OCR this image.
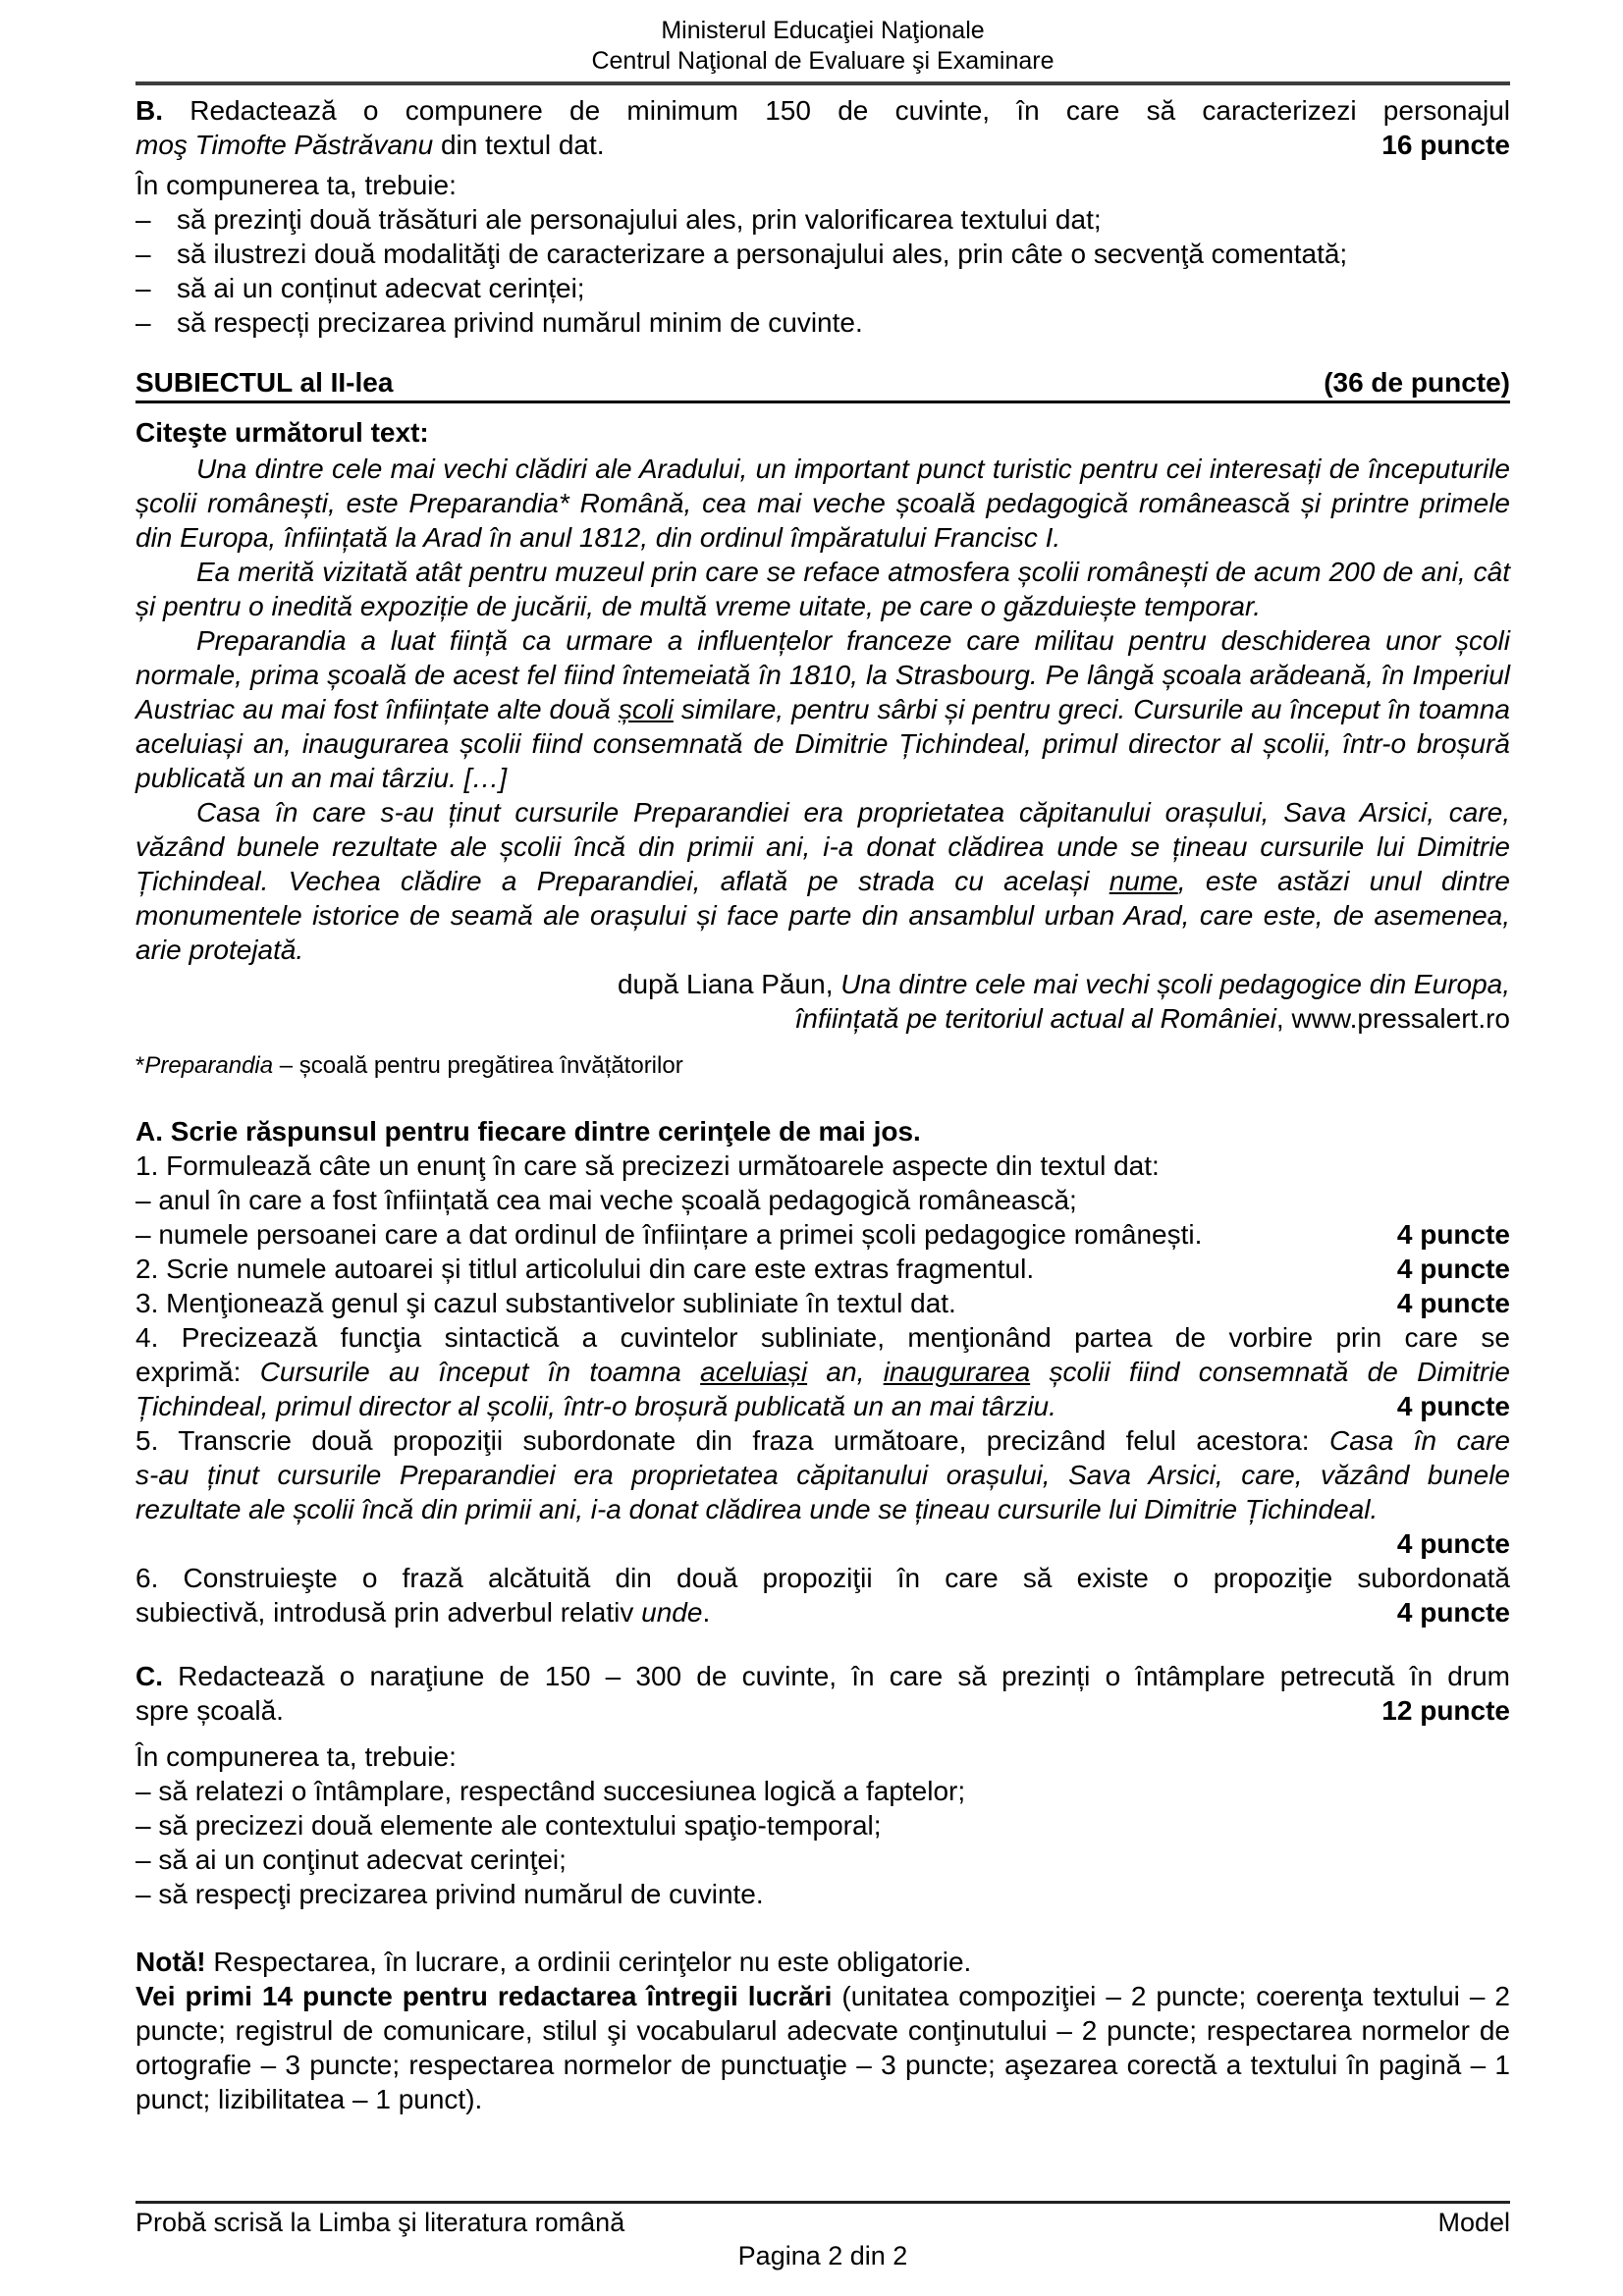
Ministerul Educaţiei Naţionale
Centrul Naţional de Evaluare şi Examinare
B. Redactează o compunere de minimum 150 de cuvinte, în care să caracterizezi personajul
moş Timofte Păstrăvanu din textul dat.	16 puncte
În compunerea ta, trebuie:
– să prezinţi două trăsături ale personajului ales, prin valorificarea textului dat;
– să ilustrezi două modalităţi de caracterizare a personajului ales, prin câte o secvenţă comentată;
– să ai un conținut adecvat cerinței;
– să respecți precizarea privind numărul minim de cuvinte.
SUBIECTUL al II-lea	(36 de puncte)
Citeşte următorul text:
Una dintre cele mai vechi clădiri ale Aradului, un important punct turistic pentru cei interesați de începuturile școlii românești, este Preparandia* Română, cea mai veche școală pedagogică românească și printre primele din Europa, înființată la Arad în anul 1812, din ordinul împăratului Francisc I.
Ea merită vizitată atât pentru muzeul prin care se reface atmosfera școlii românești de acum 200 de ani, cât și pentru o inedită expoziție de jucării, de multă vreme uitate, pe care o găzduiește temporar.
Preparandia a luat ființă ca urmare a influențelor franceze care militau pentru deschiderea unor școli normale, prima școală de acest fel fiind întemeiată în 1810, la Strasbourg. Pe lângă școala arădeană, în Imperiul Austriac au mai fost înființate alte două școli similare, pentru sârbi și pentru greci. Cursurile au început în toamna aceluiași an, inaugurarea școlii fiind consemnată de Dimitrie Țichindeal, primul director al școlii, într-o broșură publicată un an mai târziu. […]
Casa în care s-au ținut cursurile Preparandiei era proprietatea căpitanului orașului, Sava Arsici, care, văzând bunele rezultate ale școlii încă din primii ani, i-a donat clădirea unde se țineau cursurile lui Dimitrie Țichindeal. Vechea clădire a Preparandiei, aflată pe strada cu același nume, este astăzi unul dintre monumentele istorice de seamă ale orașului și face parte din ansamblul urban Arad, care este, de asemenea, arie protejată.
după Liana Păun, Una dintre cele mai vechi școli pedagogice din Europa,
înființată pe teritoriul actual al României, www.pressalert.ro
*Preparandia – școală pentru pregătirea învățătorilor
A. Scrie răspunsul pentru fiecare dintre cerinţele de mai jos.
1. Formulează câte un enunţ în care să precizezi următoarele aspecte din textul dat:
– anul în care a fost înființată cea mai veche școală pedagogică românească;
– numele persoanei care a dat ordinul de înființare a primei școli pedagogice românești.	4 puncte
2. Scrie numele autoarei și titlul articolului din care este extras fragmentul.	4 puncte
3. Menţionează genul şi cazul substantivelor subliniate în textul dat.	4 puncte
4. Precizează funcţia sintactică a cuvintelor subliniate, menţionând partea de vorbire prin care se
exprimă: Cursurile au început în toamna aceluiași an, inaugurarea școlii fiind consemnată de Dimitrie
Țichindeal, primul director al școlii, într-o broșură publicată un an mai târziu.	4 puncte
5. Transcrie două propoziţii subordonate din fraza următoare, precizând felul acestora: Casa în care
s-au ținut cursurile Preparandiei era proprietatea căpitanului orașului, Sava Arsici, care, văzând bunele
rezultate ale școlii încă din primii ani, i-a donat clădirea unde se țineau cursurile lui Dimitrie Țichindeal.
4 puncte
6. Construieşte o frază alcătuită din două propoziţii în care să existe o propoziţie subordonată
subiectivă, introdusă prin adverbul relativ unde.	4 puncte
C. Redactează o naraţiune de 150 – 300 de cuvinte, în care să prezinți o întâmplare petrecută în drum
spre școală.	12 puncte
În compunerea ta, trebuie:
– să relatezi o întâmplare, respectând succesiunea logică a faptelor;
– să precizezi două elemente ale contextului spaţio-temporal;
– să ai un conţinut adecvat cerinţei;
– să respecţi precizarea privind numărul de cuvinte.
Notă! Respectarea, în lucrare, a ordinii cerinţelor nu este obligatorie.
Vei primi 14 puncte pentru redactarea întregii lucrări (unitatea compoziţiei – 2 puncte; coerenţa textului – 2 puncte; registrul de comunicare, stilul şi vocabularul adecvate conţinutului – 2 puncte; respectarea normelor de ortografie – 3 puncte; respectarea normelor de punctuaţie – 3 puncte; aşezarea corectă a textului în pagină – 1 punct; lizibilitatea – 1 punct).
Probă scrisă la Limba şi literatura română	Model
Pagina 2 din 2
